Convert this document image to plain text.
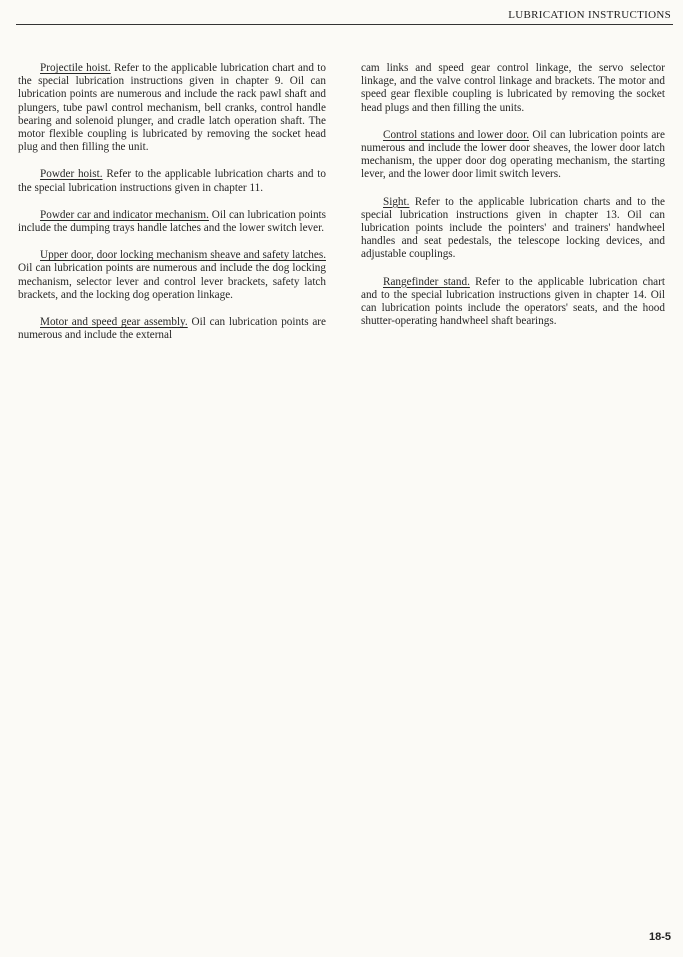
LUBRICATION INSTRUCTIONS

Projectile hoist. Refer to the applicable lubrication chart and to the special lubrication instructions given in chapter 9. Oil can lubrication points are numerous and include the rack pawl shaft and plungers, tube pawl control mechanism, bell cranks, control handle bearing and solenoid plunger, and cradle latch operation shaft. The motor flexible coupling is lubricated by removing the socket head plug and then filling the unit.

Powder hoist. Refer to the applicable lubrication charts and to the special lubrication instructions given in chapter 11.

Powder car and indicator mechanism. Oil can lubrication points include the dumping trays handle latches and the lower switch lever.

Upper door, door locking mechanism sheave and safety latches. Oil can lubrication points are numerous and include the dog locking mechanism, selector lever and control lever brackets, safety latch brackets, and the locking dog operation linkage.

Motor and speed gear assembly. Oil can lubrication points are numerous and include the external

cam links and speed gear control linkage, the servo selector linkage, and the valve control linkage and brackets. The motor and speed gear flexible coupling is lubricated by removing the socket head plugs and then filling the units.

Control stations and lower door. Oil can lubrication points are numerous and include the lower door sheaves, the lower door latch mechanism, the upper door dog operating mechanism, the starting lever, and the lower door limit switch levers.

Sight. Refer to the applicable lubrication charts and to the special lubrication instructions given in chapter 13. Oil can lubrication points include the pointers' and trainers' handwheel handles and seat pedestals, the telescope locking devices, and adjustable couplings.

Rangefinder stand. Refer to the applicable lubrication chart and to the special lubrication instructions given in chapter 14. Oil can lubrication points include the operators' seats, and the hood shutter-operating handwheel shaft bearings.

18-5
